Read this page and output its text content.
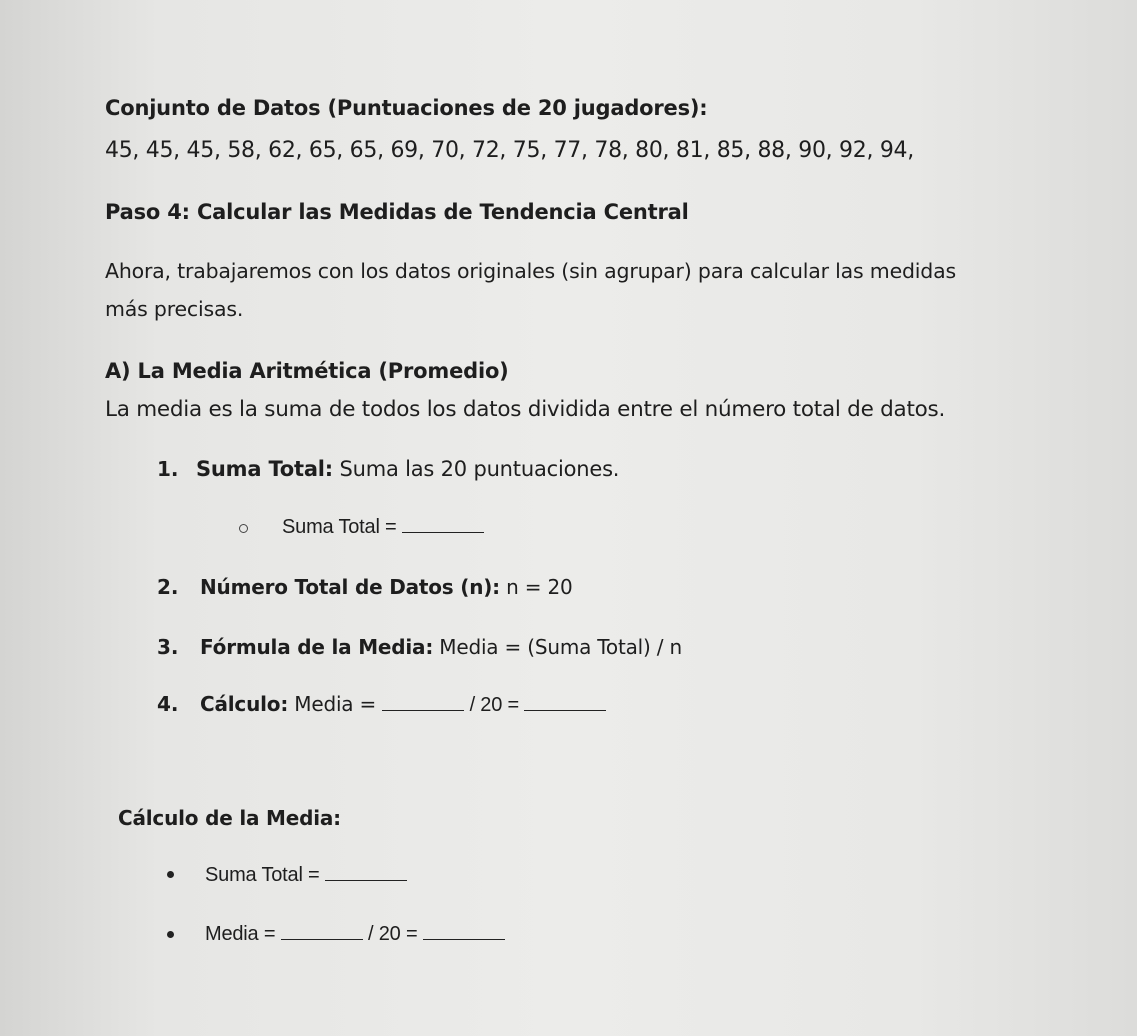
Conjunto de Datos (Puntuaciones de 20 jugadores):
45, 45, 45, 58, 62, 65, 65, 69, 70, 72, 75, 77, 78, 80, 81, 85, 88, 90, 92, 94,
Paso 4: Calcular las Medidas de Tendencia Central
Ahora, trabajaremos con los datos originales (sin agrupar) para calcular las medidas
más precisas.
A) La Media Aritmética (Promedio)
La media es la suma de todos los datos dividida entre el número total de datos.
1. Suma Total: Suma las 20 puntuaciones.
Suma Total =
2. Número Total de Datos (n): n = 20
3. Fórmula de la Media: Media = (Suma Total) / n
4. Cálculo: Media =	/ 20 =
Cálculo de la Media:
Suma Total =
Media =	/ 20 =
